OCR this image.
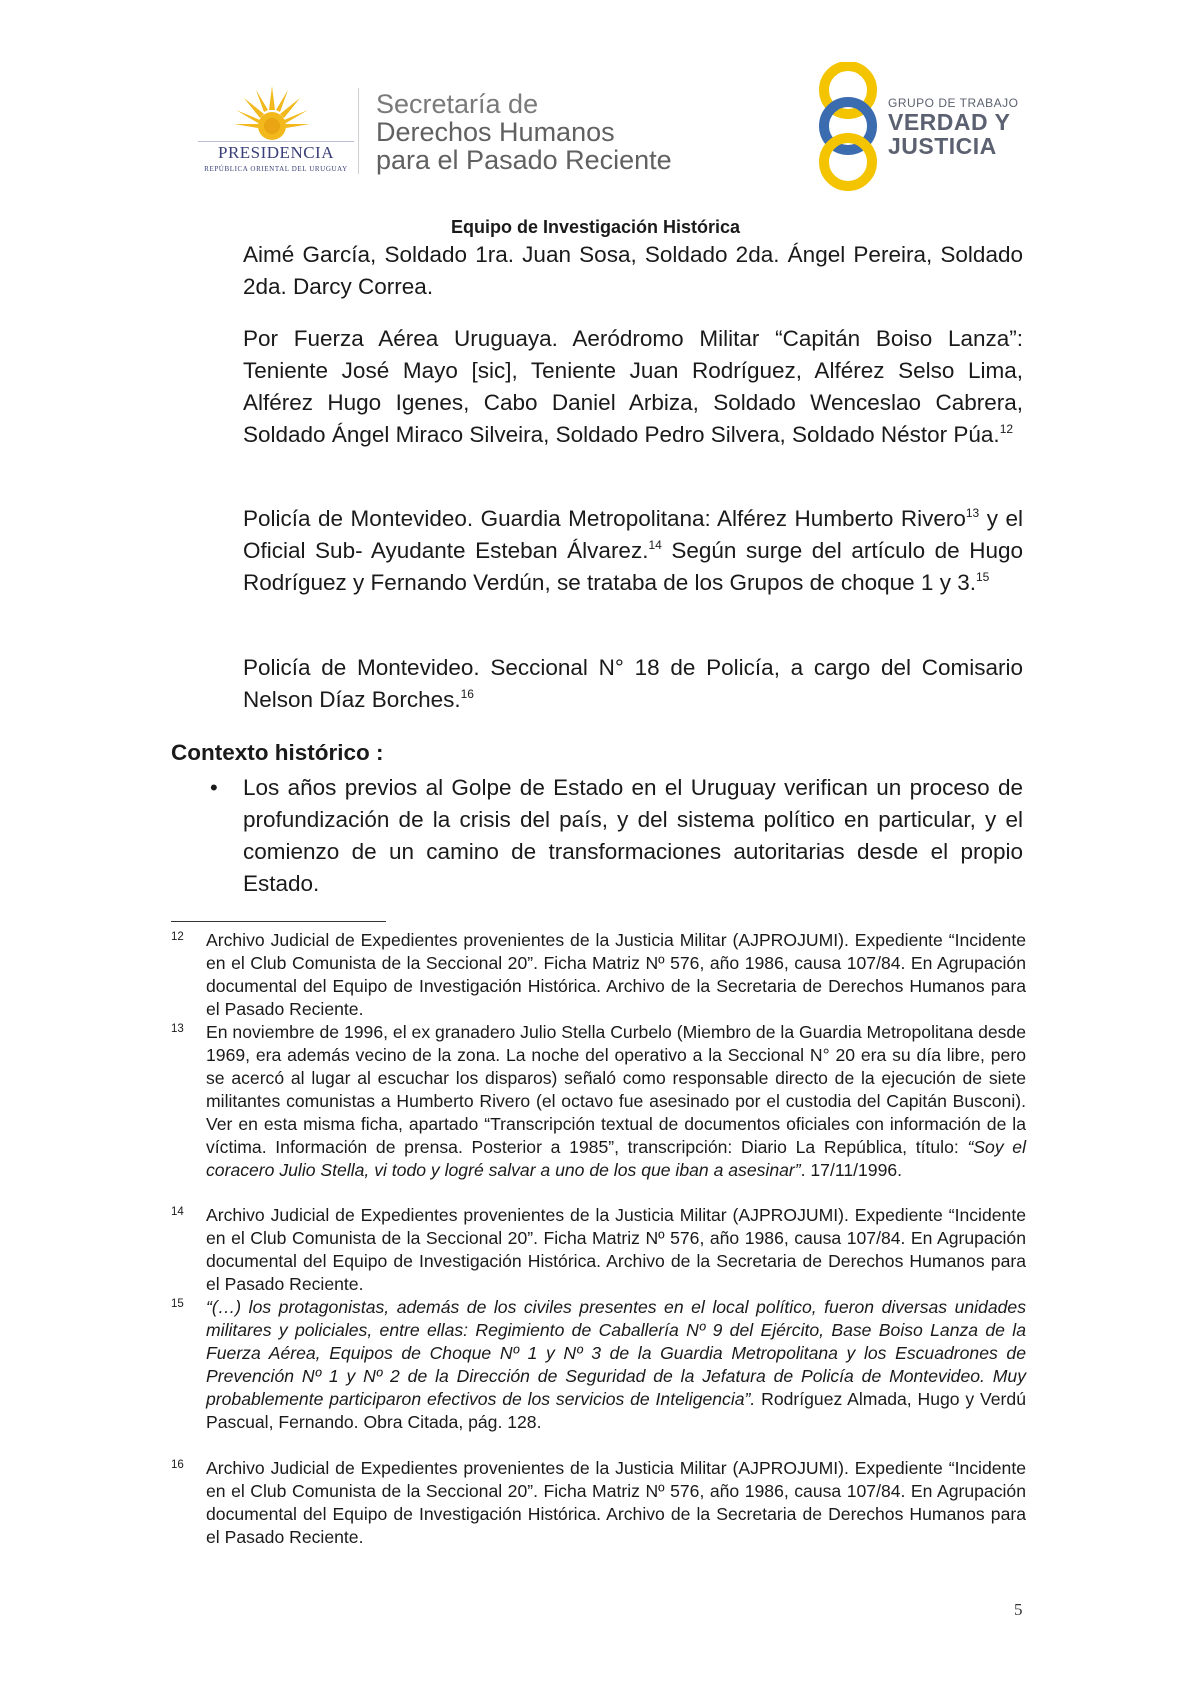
PRESIDENCIA
REPÚBLICA ORIENTAL DEL URUGUAY
Secretaría de
Derechos Humanos
para el Pasado Reciente
GRUPO DE TRABAJO
VERDAD Y
JUSTICIA
Equipo de Investigación Histórica
Aimé García, Soldado 1ra. Juan Sosa, Soldado 2da. Ángel Pereira, Soldado 2da. Darcy Correa.
Por Fuerza Aérea Uruguaya. Aeródromo Militar “Capitán Boiso Lanza”: Teniente José Mayo [sic], Teniente Juan Rodríguez, Alférez Selso Lima, Alférez Hugo Igenes, Cabo Daniel Arbiza, Soldado Wenceslao Cabrera, Soldado Ángel Miraco Silveira, Soldado Pedro Silvera, Soldado Néstor Púa.$^{12}$
Policía de Montevideo. Guardia Metropolitana: Alférez Humberto Rivero$^{13}$ y el Oficial Sub- Ayudante Esteban Álvarez.$^{14}$ Según surge del artículo de Hugo Rodríguez y Fernando Verdún, se trataba de los Grupos de choque 1 y 3.15
Policía de Montevideo. Seccional N° 18 de Policía, a cargo del Comisario Nelson Díaz Borches.$^{16}$
Contexto histórico :
• Los años previos al Golpe de Estado en el Uruguay verifican un proceso de profundización de la crisis del país, y del sistema político en particular, y el comienzo de un camino de transformaciones autoritarias desde el propio Estado.
12	Archivo Judicial de Expedientes provenientes de la Justicia Militar (AJPROJUMI). Expediente “Incidente en el Club Comunista de la Seccional 20”. Ficha Matriz Nº 576, año 1986, causa 107/84. En Agrupación documental del Equipo de Investigación Histórica. Archivo de la Secretaria de Derechos Humanos para el Pasado Reciente.
13	En noviembre de 1996, el ex granadero Julio Stella Curbelo (Miembro de la Guardia Metropolitana desde 1969, era además vecino de la zona. La noche del operativo a la Seccional N° 20 era su día libre, pero se acercó al lugar al escuchar los disparos) señaló como responsable directo de la ejecución de siete militantes comunistas a Humberto Rivero (el octavo fue asesinado por el custodia del Capitán Busconi). Ver en esta misma ficha, apartado “Transcripción textual de documentos oficiales con información de la víctima. Información de prensa. Posterior a 1985”, transcripción: Diario La República, título: “Soy el coracero Julio Stella, vi todo y logré salvar a uno de los que iban a asesinar”. 17/11/1996.
14	Archivo Judicial de Expedientes provenientes de la Justicia Militar (AJPROJUMI). Expediente “Incidente en el Club Comunista de la Seccional 20”. Ficha Matriz Nº 576, año 1986, causa 107/84. En Agrupación documental del Equipo de Investigación Histórica. Archivo de la Secretaria de Derechos Humanos para el Pasado Reciente.
15	“(…) los protagonistas, además de los civiles presentes en el local político, fueron diversas unidades militares y policiales, entre ellas: Regimiento de Caballería Nº 9 del Ejército, Base Boiso Lanza de la Fuerza Aérea, Equipos de Choque Nº 1 y Nº 3 de la Guardia Metropolitana y los Escuadrones de Prevención Nº 1 y Nº 2 de la Dirección de Seguridad de la Jefatura de Policía de Montevideo. Muy probablemente participaron efectivos de los servicios de Inteligencia”. Rodríguez Almada, Hugo y Verdú Pascual, Fernando. Obra Citada, pág. 128.
16	Archivo Judicial de Expedientes provenientes de la Justicia Militar (AJPROJUMI). Expediente “Incidente en el Club Comunista de la Seccional 20”. Ficha Matriz Nº 576, año 1986, causa 107/84. En Agrupación documental del Equipo de Investigación Histórica. Archivo de la Secretaria de Derechos Humanos para el Pasado Reciente.
5
